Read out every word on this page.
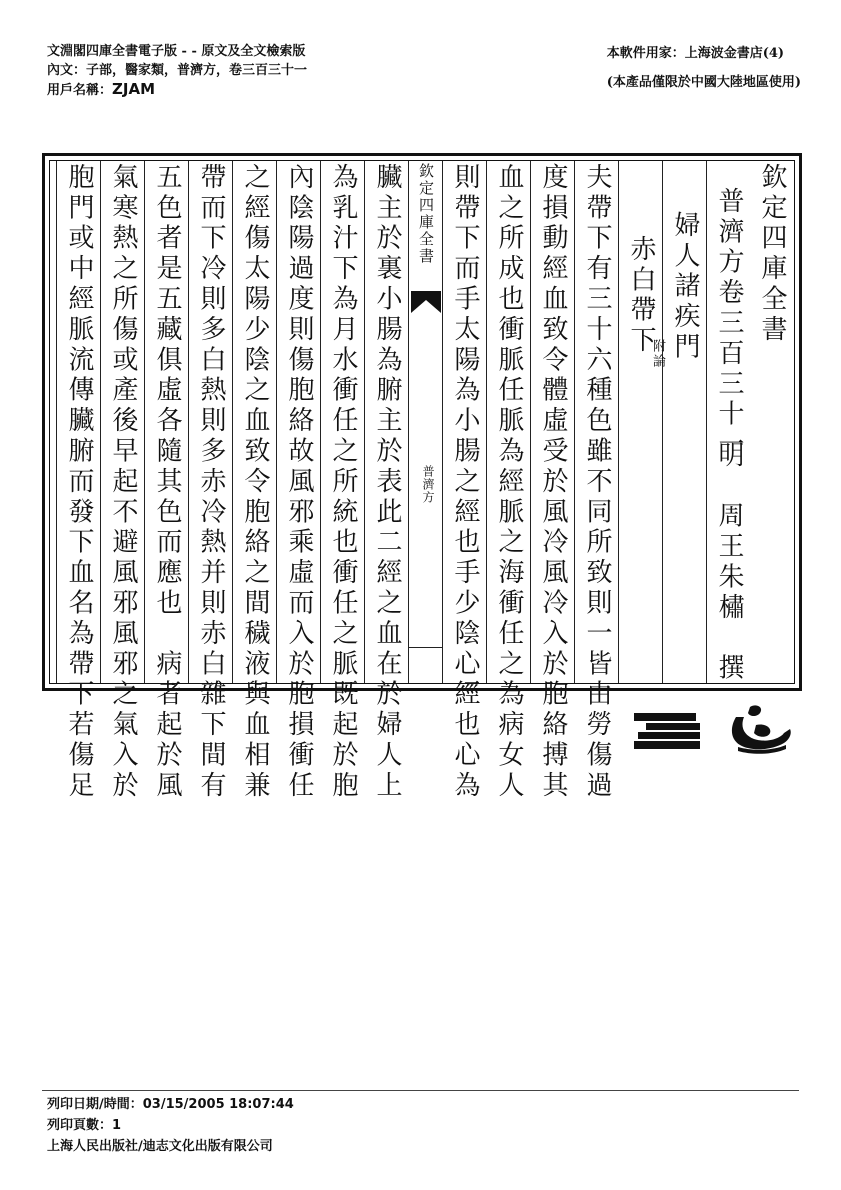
文淵閣四庫全書電子版 - - 原文及全文檢索版
內文：子部，醫家類，普濟方，卷三百三十一
用戶名稱：ZJAM
本軟件用家：上海波金書店(4)
(本產品僅限於中國大陸地區使用)
欽定四庫全書
普濟方卷三百三十一
明　周王朱橚　撰
婦人諸疾門
赤白帶下
附論
夫帶下有三十六種色雖不同所致則一皆由勞傷過
度損動經血致令體虛受於風冷風冷入於胞絡搏其
血之所成也衝脈任脈為經脈之海衝任之為病女人
則帶下而手太陽為小腸之經也手少陰心經也心為
欽定四庫全書
普濟方
臟主於裏小腸為腑主於表此二經之血在於婦人上
為乳汁下為月水衝任之所統也衝任之脈既起於胞
內陰陽過度則傷胞絡故風邪乘虛而入於胞損衝任
之經傷太陽少陰之血致令胞絡之間穢液與血相兼
帶而下冷則多白熱則多赤冷熱并則赤白雜下間有
五色者是五藏俱虛各隨其色而應也　病者起於風
氣寒熱之所傷或產後早起不避風邪風邪之氣入於
胞門或中經脈流傳臟腑而發下血名為帶下若傷足
列印日期/時間：03/15/2005 18:07:44
列印頁數：1
上海人民出版社/迪志文化出版有限公司
